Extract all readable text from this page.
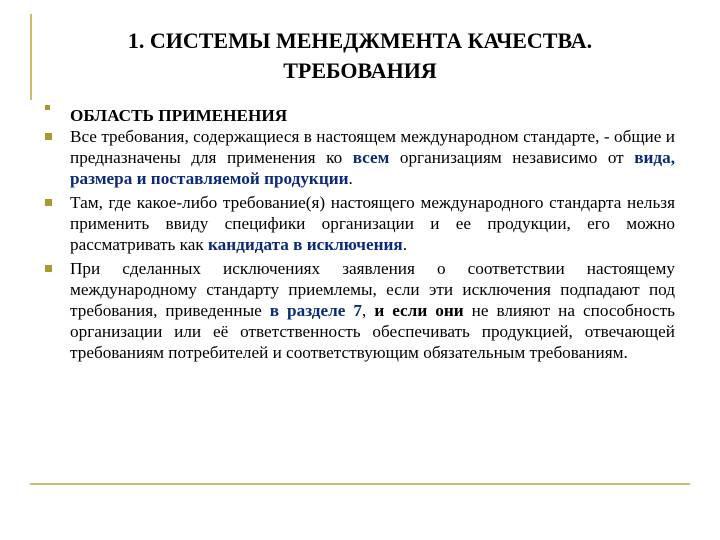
1. СИСТЕМЫ МЕНЕДЖМЕНТА КАЧЕСТВА.
ТРЕБОВАНИЯ
ОБЛАСТЬ ПРИМЕНЕНИЯ
Все требования, содержащиеся в настоящем международном стандарте, - общие и предназначены для применения ко всем организациям независимо от вида, размера и поставляемой продукции.
Там, где какое-либо требование(я) настоящего международного стандарта нельзя применить ввиду специфики организации и ее продукции, его можно рассматривать как кандидата в исключения.
При сделанных исключениях заявления о соответствии настоящему международному стандарту приемлемы, если эти исключения подпадают под требования, приведенные в разделе 7, и если они не влияют на способность организации или её ответственность обеспечивать продукцией, отвечающей требованиям потребителей и соответствующим обязательным требованиям.
